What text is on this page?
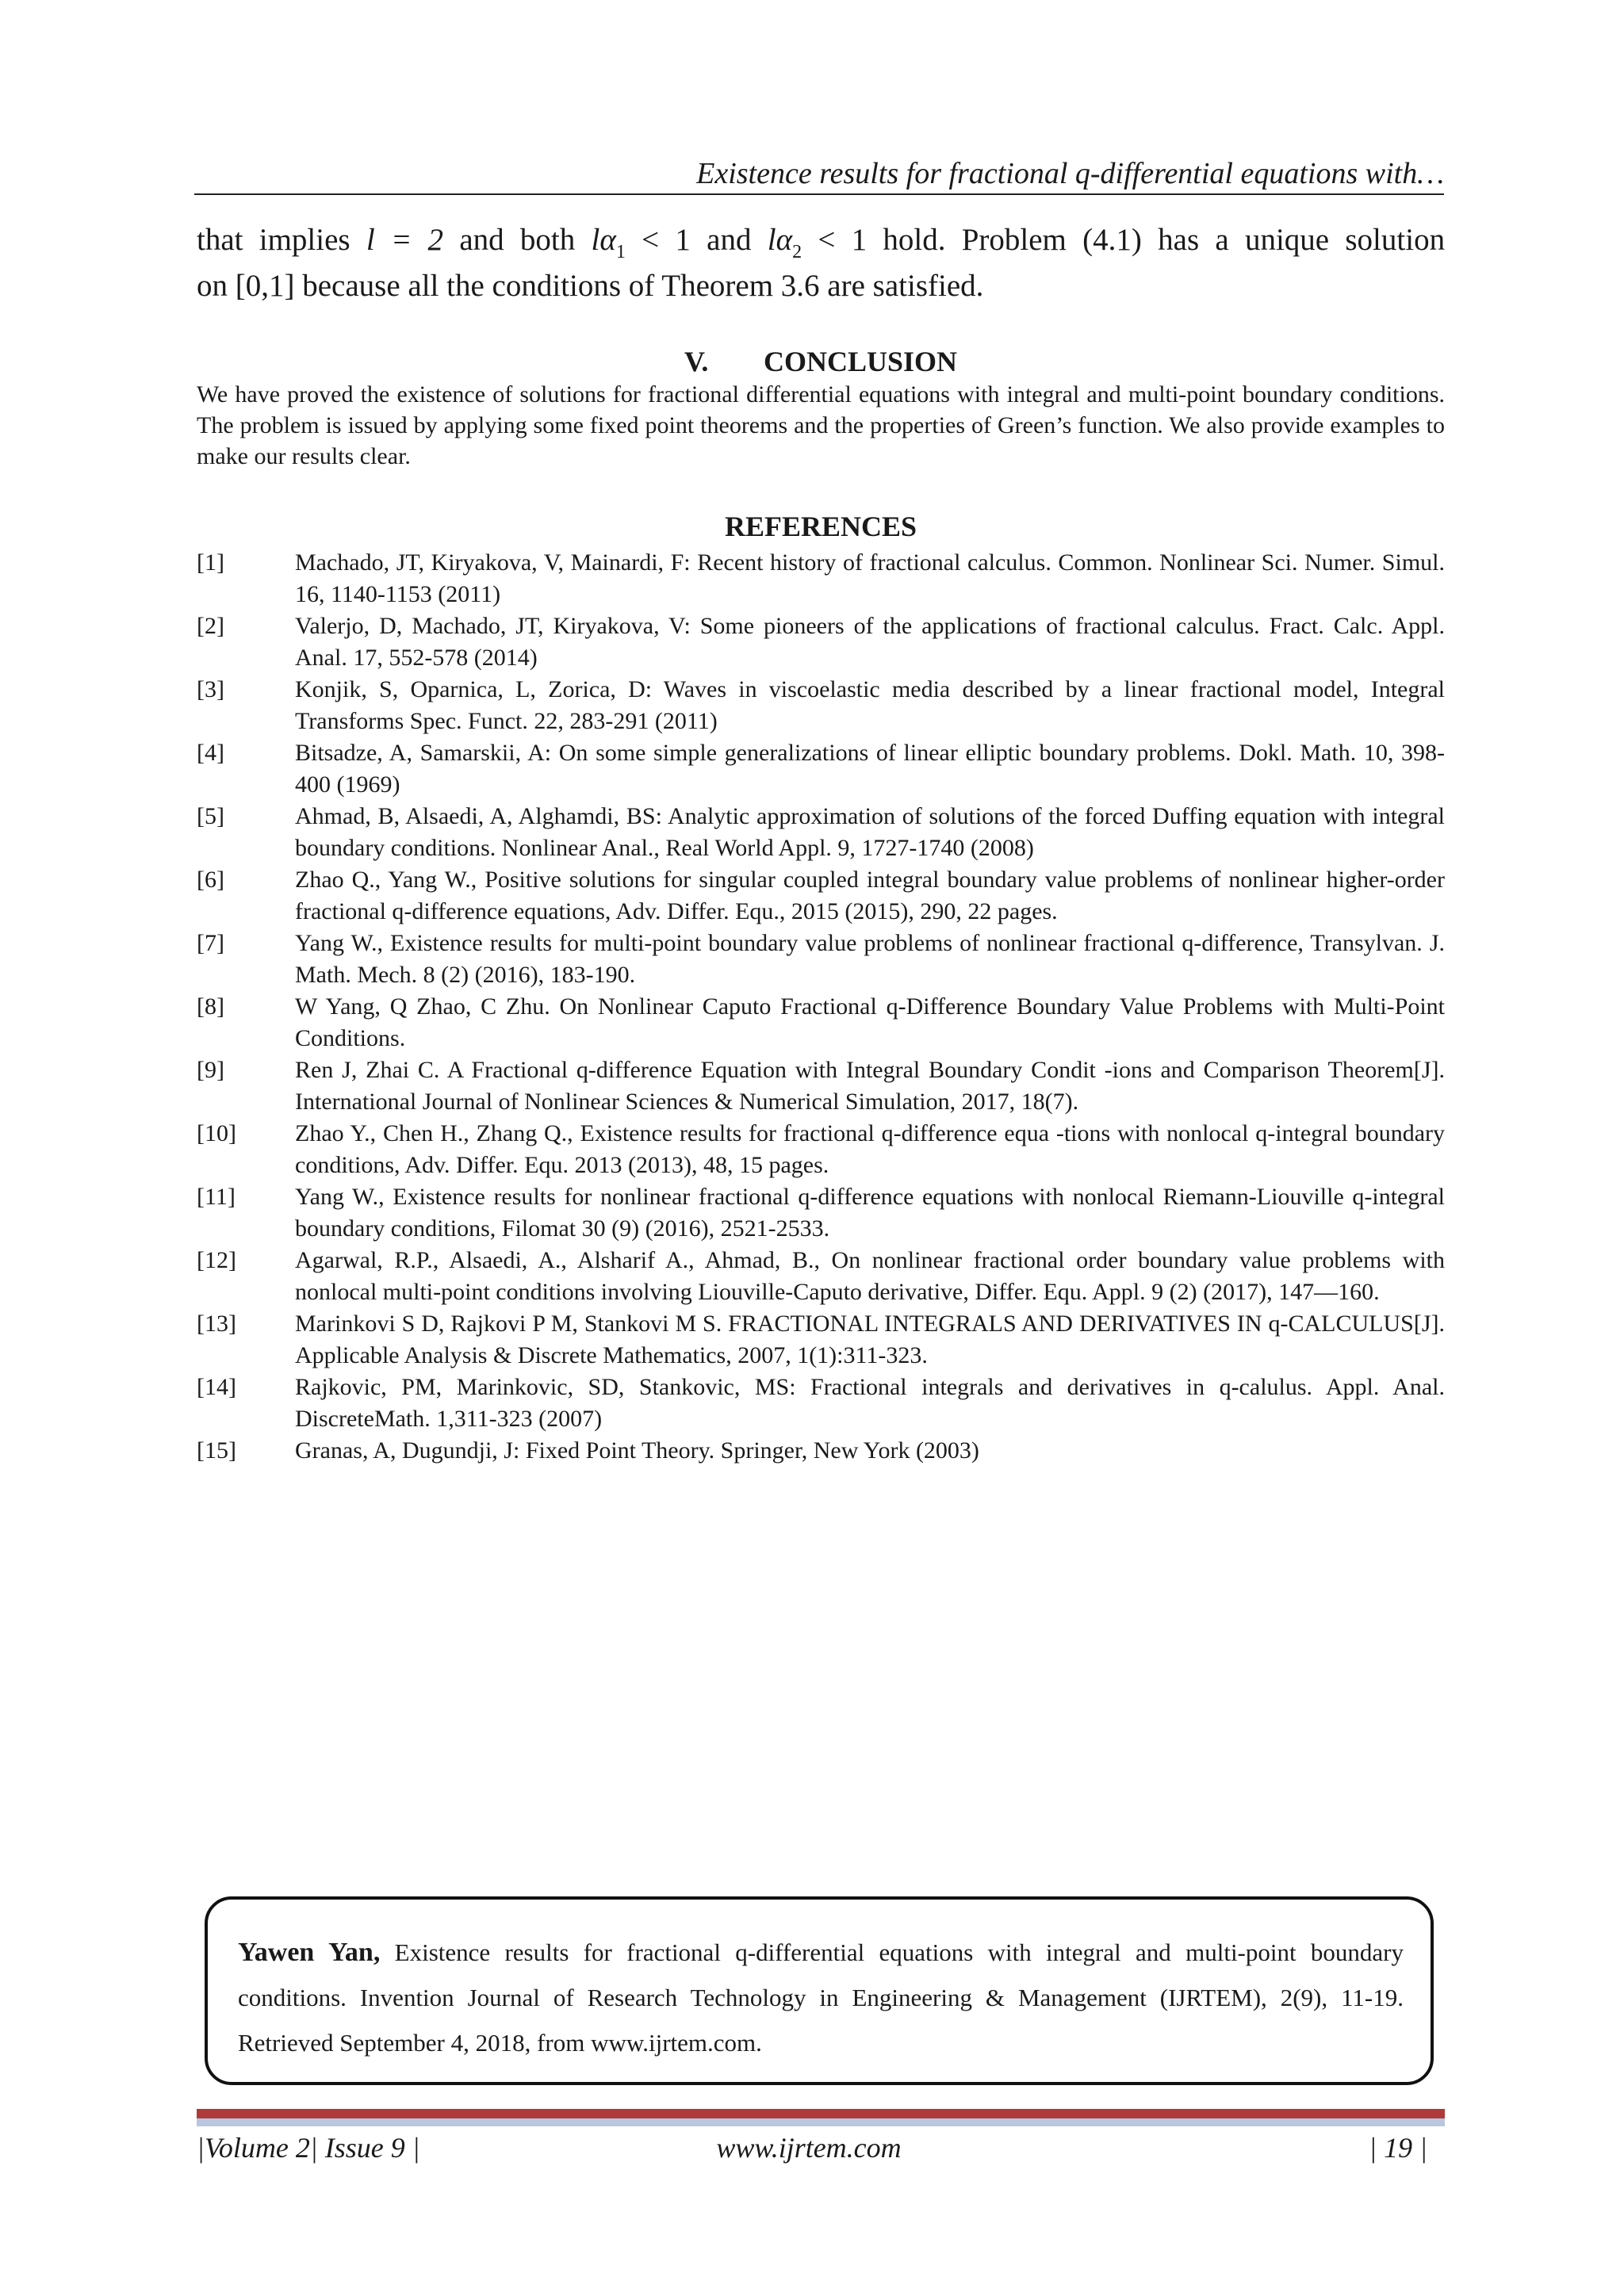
Existence results for fractional q-differential equations with…
that implies l = 2 and both $l\alpha_1 < 1$ and $l\alpha_2 < 1$ hold. Problem (4.1) has a unique solution
on [0,1] because all the conditions of Theorem 3.6 are satisfied.
V. CONCLUSION
We have proved the existence of solutions for fractional differential equations with integral and multi-point boundary conditions. The problem is issued by applying some fixed point theorems and the properties of Green’s function. We also provide examples to make our results clear.
REFERENCES
[1]	Machado, JT, Kiryakova, V, Mainardi, F: Recent history of fractional calculus. Common. Nonlinear Sci. Numer. Simul. 16, 1140-1153 (2011)
[2]	Valerjo, D, Machado, JT, Kiryakova, V: Some pioneers of the applications of fractional calculus. Fract. Calc. Appl. Anal. 17, 552-578 (2014)
[3]	Konjik, S, Oparnica, L, Zorica, D: Waves in viscoelastic media described by a linear fractional model, Integral Transforms Spec. Funct. 22, 283-291 (2011)
[4]	Bitsadze, A, Samarskii, A: On some simple generalizations of linear elliptic boundary problems. Dokl. Math. 10, 398-400 (1969)
[5]	Ahmad, B, Alsaedi, A, Alghamdi, BS: Analytic approximation of solutions of the forced Duffing equation with integral boundary conditions. Nonlinear Anal., Real World Appl. 9, 1727-1740 (2008)
[6]	Zhao Q., Yang W., Positive solutions for singular coupled integral boundary value problems of nonlinear higher-order fractional q-difference equations, Adv. Differ. Equ., 2015 (2015), 290, 22 pages.
[7]	Yang W., Existence results for multi-point boundary value problems of nonlinear fractional q-difference, Transylvan. J. Math. Mech. 8 (2) (2016), 183-190.
[8]	W Yang, Q Zhao, C Zhu. On Nonlinear Caputo Fractional q-Difference Boundary Value Problems with Multi-Point Conditions.
[9]	Ren J, Zhai C. A Fractional q-difference Equation with Integral Boundary Condit -ions and Comparison Theorem[J]. International Journal of Nonlinear Sciences & Numerical Simulation, 2017, 18(7).
[10]	Zhao Y., Chen H., Zhang Q., Existence results for fractional q-difference equa -tions with nonlocal q-integral boundary conditions, Adv. Differ. Equ. 2013 (2013), 48, 15 pages.
[11]	Yang W., Existence results for nonlinear fractional q-difference equations with nonlocal Riemann-Liouville q-integral boundary conditions, Filomat 30 (9) (2016), 2521-2533.
[12]	Agarwal, R.P., Alsaedi, A., Alsharif A., Ahmad, B., On nonlinear fractional order boundary value problems with nonlocal multi-point conditions involving Liouville-Caputo derivative, Differ. Equ. Appl. 9 (2) (2017), 147—160.
[13]	Marinkovi S D, Rajkovi P M, Stankovi M S. FRACTIONAL INTEGRALS AND DERIVATIVES IN q-CALCULUS[J]. Applicable Analysis & Discrete Mathematics, 2007, 1(1):311-323.
[14]	Rajkovic, PM, Marinkovic, SD, Stankovic, MS: Fractional integrals and derivatives in q-calulus. Appl. Anal. DiscreteMath. 1,311-323 (2007)
[15]	Granas, A, Dugundji, J: Fixed Point Theory. Springer, New York (2003)
Yawen Yan, Existence results for fractional q-differential equations with integral and multi-point boundary conditions. Invention Journal of Research Technology in Engineering & Management (IJRTEM), 2(9), 11-19. Retrieved September 4, 2018, from www.ijrtem.com.
|Volume 2| Issue 9 |	www.ijrtem.com	| 19 |
